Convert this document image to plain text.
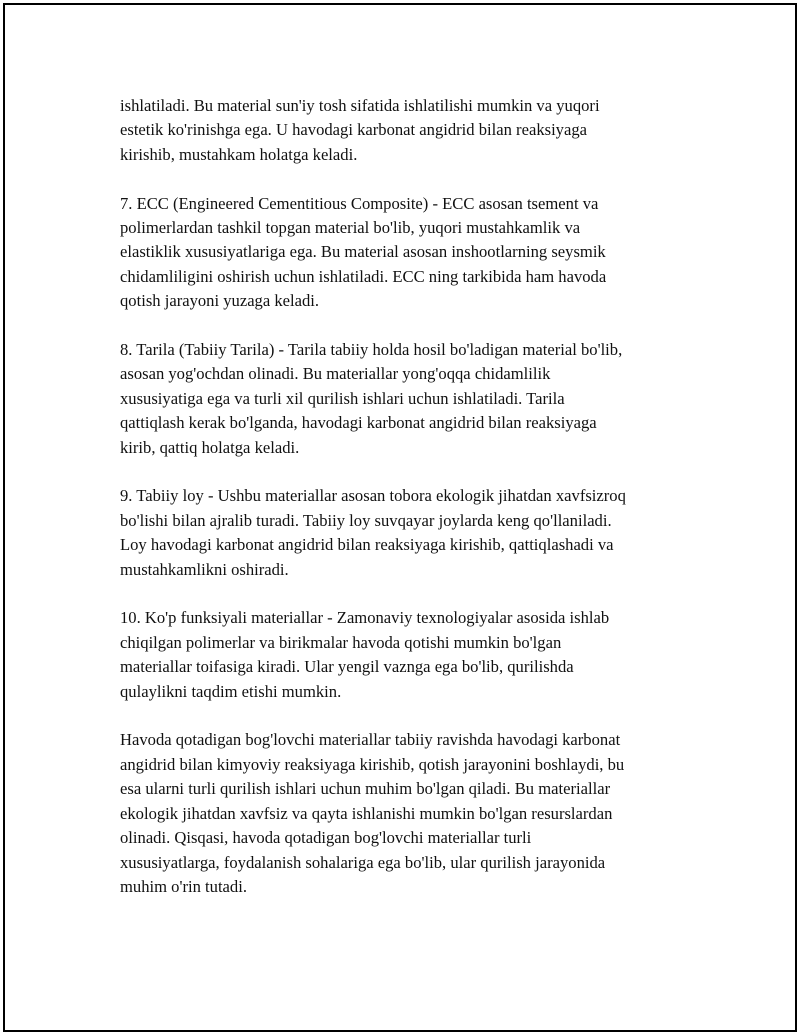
ishlatiladi. Bu material sun'iy tosh sifatida ishlatilishi mumkin va yuqori
estetik ko'rinishga ega. U havodagi karbonat angidrid bilan reaksiyaga
kirishib, mustahkam holatga keladi.

7. ECC (Engineered Cementitious Composite) - ECC asosan tsement va
polimerlardan tashkil topgan material bo'lib, yuqori mustahkamlik va
elastiklik xususiyatlariga ega. Bu material asosan inshootlarning seysmik
chidamliligini oshirish uchun ishlatiladi. ECC ning tarkibida ham havoda
qotish jarayoni yuzaga keladi.

8. Tarila (Tabiiy Tarila) - Tarila tabiiy holda hosil bo'ladigan material bo'lib,
asosan yog'ochdan olinadi. Bu materiallar yong'oqqa chidamlilik
xususiyatiga ega va turli xil qurilish ishlari uchun ishlatiladi. Tarila
qattiqlash kerak bo'lganda, havodagi karbonat angidrid bilan reaksiyaga
kirib, qattiq holatga keladi.

9. Tabiiy loy - Ushbu materiallar asosan tobora ekologik jihatdan xavfsizroq
bo'lishi bilan ajralib turadi. Tabiiy loy suvqayar joylarda keng qo'llaniladi.
Loy havodagi karbonat angidrid bilan reaksiyaga kirishib, qattiqlashadi va
mustahkamlikni oshiradi.

10. Ko'p funksiyali materiallar - Zamonaviy texnologiyalar asosida ishlab
chiqilgan polimerlar va birikmalar havoda qotishi mumkin bo'lgan
materiallar toifasiga kiradi. Ular yengil vaznga ega bo'lib, qurilishda
qulaylikni taqdim etishi mumkin.

Havoda qotadigan bog'lovchi materiallar tabiiy ravishda havodagi karbonat
angidrid bilan kimyoviy reaksiyaga kirishib, qotish jarayonini boshlaydi, bu
esa ularni turli qurilish ishlari uchun muhim bo'lgan qiladi. Bu materiallar
ekologik jihatdan xavfsiz va qayta ishlanishi mumkin bo'lgan resurslardan
olinadi. Qisqasi, havoda qotadigan bog'lovchi materiallar turli
xususiyatlarga, foydalanish sohalariga ega bo'lib, ular qurilish jarayonida
muhim o'rin tutadi.
